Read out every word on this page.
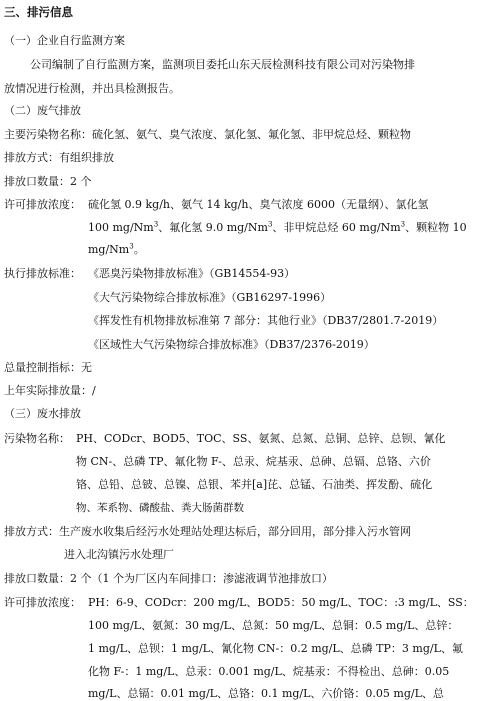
三、排污信息
（一）企业自行监测方案
公司编制了自行监测方案，监测项目委托山东天辰检测科技有限公司对污染物排
放情况进行检测，并出具检测报告。
（二）废气排放
主要污染物名称：硫化氢、氨气、臭气浓度、氯化氢、氟化氢、非甲烷总烃、颗粒物
排放方式：有组织排放
排放口数量：2 个
许可排放浓度： 硫化氢 0.9 kg/h、氨气 14 kg/h、臭气浓度 6000（无量纲）、氯化氢
100 mg/Nm$^3$、氟化氢 9.0 mg/Nm$^3$、非甲烷总烃 60 mg/Nm$^3$、颗粒物 10
mg/Nm$^3$。
执行排放标准： 《恶臭污染物排放标准》（GB14554-93）
《大气污染物综合排放标准》（GB16297-1996）
《挥发性有机物排放标准第 7 部分：其他行业》（DB37/2801.7-2019）
《区域性大气污染物综合排放标准》（DB37/2376-2019）
总量控制指标：无
上年实际排放量：/
（三）废水排放
污染物名称： PH、CODcr、BOD5、TOC、SS、氨氮、总氮、总铜、总锌、总钡、氰化
物 CN-、总磷 TP、氟化物 F-、总汞、烷基汞、总砷、总镉、总铬、六价
铬、总铅、总铍、总镍、总银、苯并[a]芘、总锰、石油类、挥发酚、硫化
物、苯系物、磷酸盐、粪大肠菌群数
排放方式：生产废水收集后经污水处理站处理达标后，部分回用，部分排入污水管网
进入北沟镇污水处理厂
排放口数量：2 个（1 个为厂区内车间排口：渗滤液调节池排放口）
许可排放浓度： PH：6-9、CODcr：200 mg/L、BOD5：50 mg/L、TOC：:3 mg/L、SS：
100 mg/L、氨氮：30 mg/L、总氮：50 mg/L、总铜：0.5 mg/L、总锌：
1 mg/L、总钡：1 mg/L、氰化物 CN-：0.2 mg/L、总磷 TP：3 mg/L、氟
化物 F-：1 mg/L、总汞：0.001 mg/L、烷基汞：不得检出、总砷：0.05
mg/L、总镉：0.01 mg/L、总铬：0.1 mg/L、六价铬：0.05 mg/L、总
